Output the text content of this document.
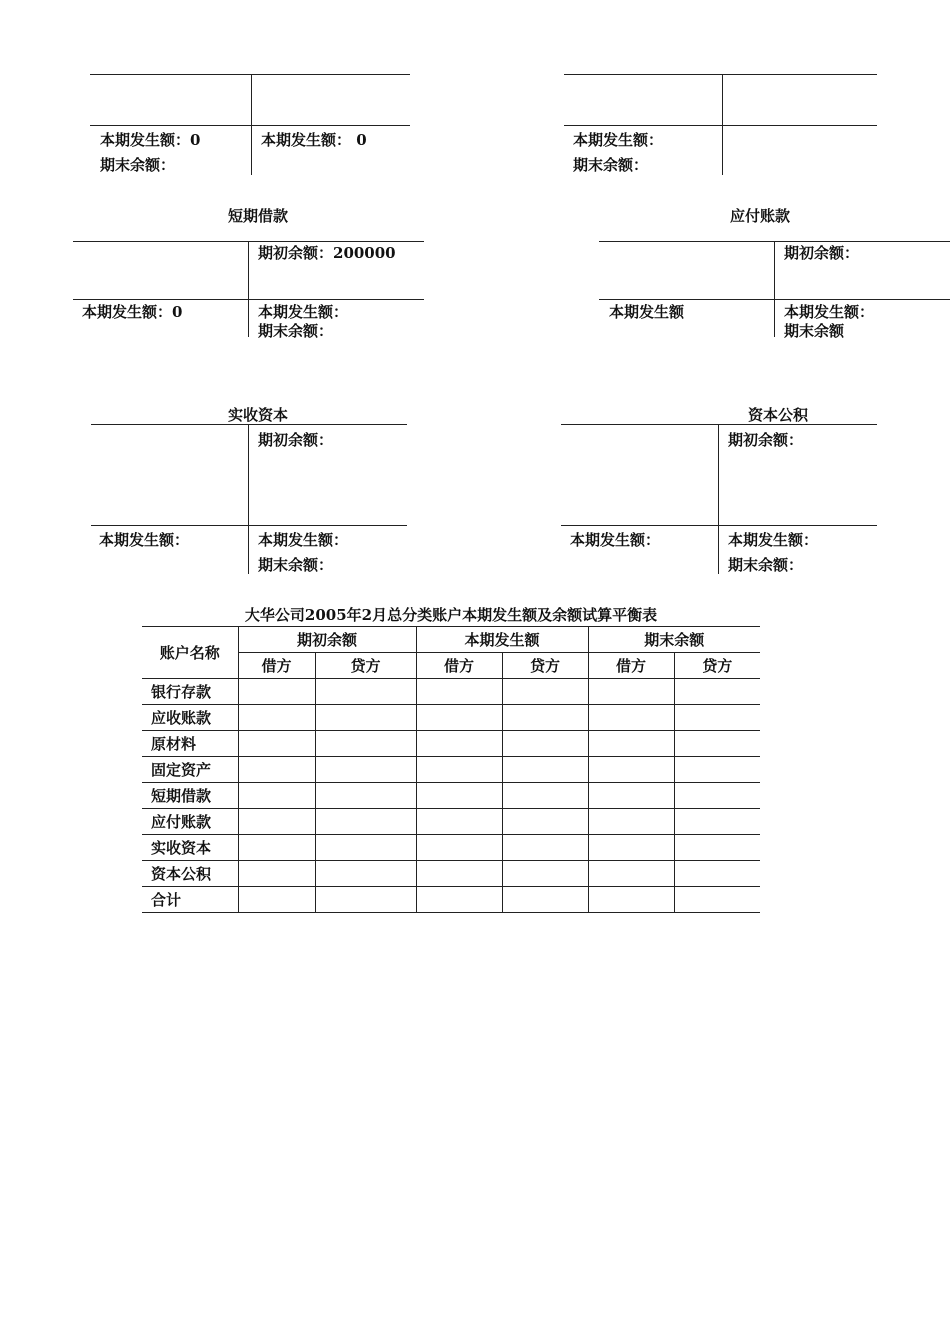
本期发生额：0
期末余额：
本期发生额： 0	本期发生额：
期末余额：
短期借款
期初余额：200000
本期发生额：0	本期发生额：
期末余额：
应付账款
期初余额：
本期发生额	本期发生额：
期末余额
实收资本
期初余额：
本期发生额：	本期发生额：
期末余额：
资本公积
期初余额：
本期发生额：	本期发生额：
期末余额：
大华公司2005年2月总分类账户本期发生额及余额试算平衡表
账户名称	期初余额		本期发生额		期末余额	
	借方	贷方	借方	贷方	借方	贷方
银行存款						
应收账款						
原材料						
固定资产						
短期借款						
应付账款						
实收资本						
资本公积						
合计						
